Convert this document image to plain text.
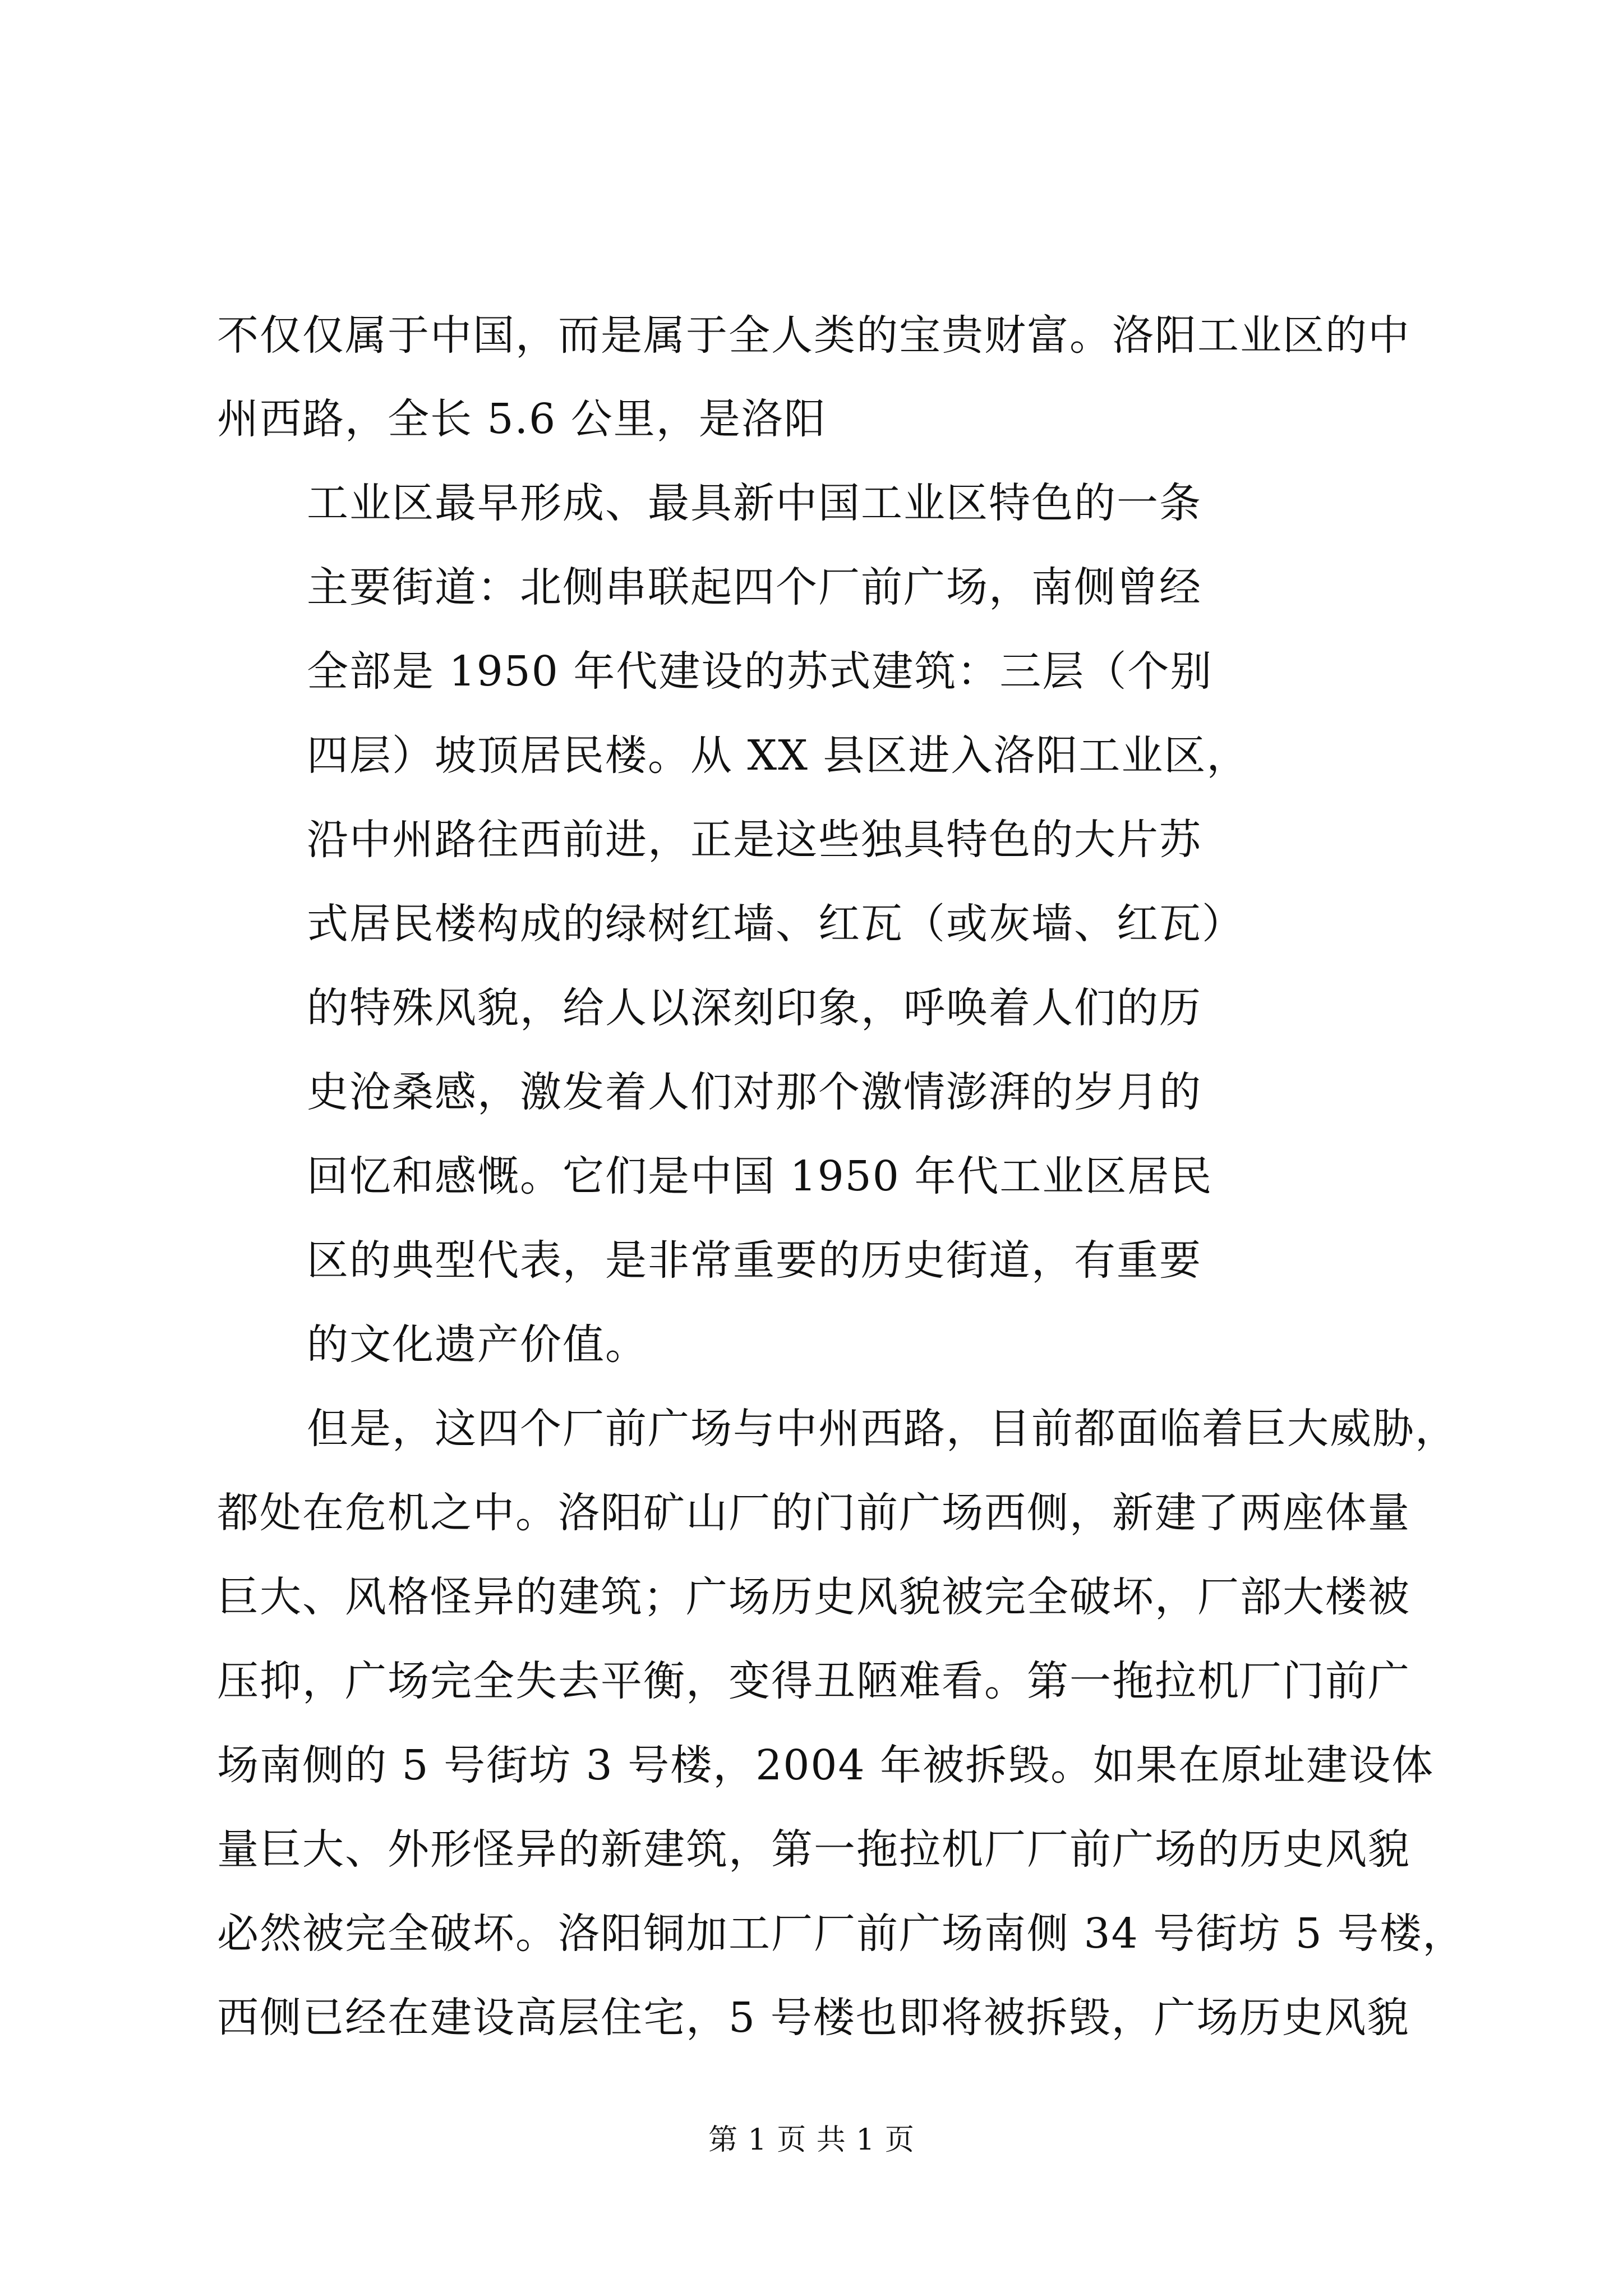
不仅仅属于中国，而是属于全人类的宝贵财富。洛阳工业区的中
州西路，全长 5.6 公里，是洛阳
工业区最早形成、最具新中国工业区特色的一条
主要街道：北侧串联起四个厂前广场，南侧曾经
全部是 1950 年代建设的苏式建筑：三层（个别
四层）坡顶居民楼。从 XX 县区进入洛阳工业区，
沿中州路往西前进，正是这些独具特色的大片苏
式居民楼构成的绿树红墙、红瓦（或灰墙、红瓦）
的特殊风貌，给人以深刻印象，呼唤着人们的历
史沧桑感，激发着人们对那个激情澎湃的岁月的
回忆和感慨。它们是中国 1950 年代工业区居民
区的典型代表，是非常重要的历史街道，有重要
的文化遗产价值。
但是，这四个厂前广场与中州西路，目前都面临着巨大威胁，
都处在危机之中。洛阳矿山厂的门前广场西侧，新建了两座体量
巨大、风格怪异的建筑；广场历史风貌被完全破坏，厂部大楼被
压抑，广场完全失去平衡，变得丑陋难看。第一拖拉机厂门前广
场南侧的 5 号街坊 3 号楼，2004 年被拆毁。如果在原址建设体
量巨大、外形怪异的新建筑，第一拖拉机厂厂前广场的历史风貌
必然被完全破坏。洛阳铜加工厂厂前广场南侧 34 号街坊 5 号楼，
西侧已经在建设高层住宅，5 号楼也即将被拆毁，广场历史风貌
第 1 页 共 1 页
